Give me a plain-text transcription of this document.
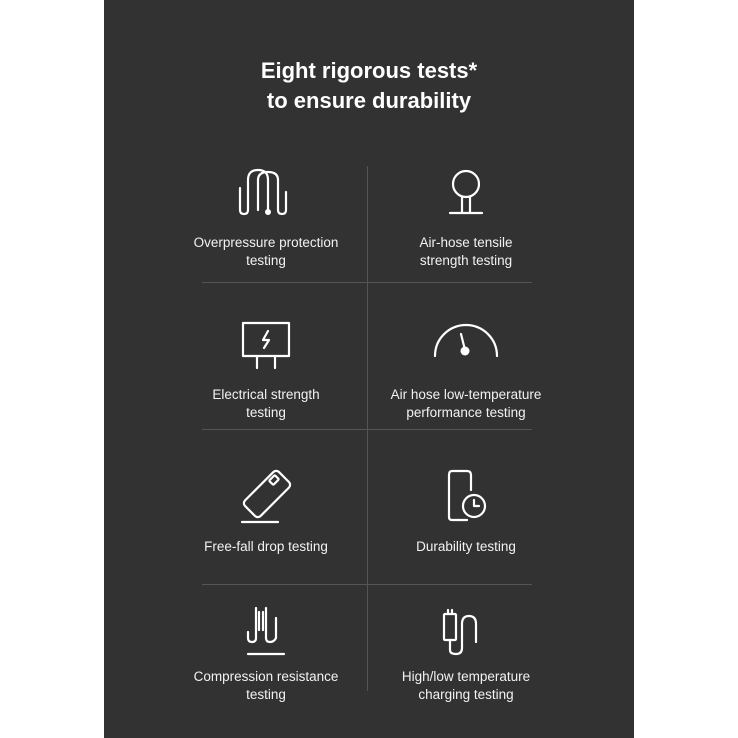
Eight rigorous tests*
to ensure durability
Overpressure protection
testing
Air-hose tensile
strength testing
Electrical strength
testing
Air hose low-temperature
performance testing
Free-fall drop testing	Durability testing
Compression resistance
testing
High/low temperature
charging testing
